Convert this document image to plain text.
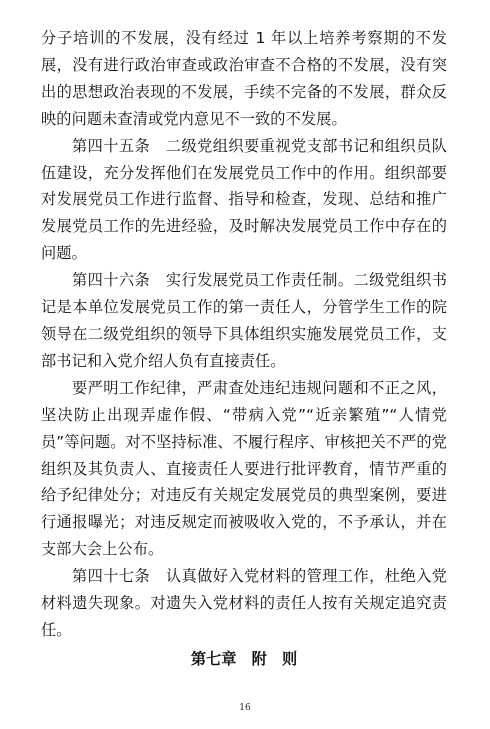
分子培训的不发展，没有经过 1 年以上培养考察期的不发展，没有进行政治审查或政治审查不合格的不发展，没有突出的思想政治表现的不发展，手续不完备的不发展，群众反映的问题未查清或党内意见不一致的不发展。

第四十五条　 二级党组织要重视党支部书记和组织员队伍建设，充分发挥他们在发展党员工作中的作用。组织部要对发展党员工作进行监督、指导和检查，发现、总结和推广发展党员工作的先进经验，及时解决发展党员工作中存在的问题。

第四十六条　 实行发展党员工作责任制。二级党组织书记是本单位发展党员工作的第一责任人，分管学生工作的院领导在二级党组织的领导下具体组织实施发展党员工作，支部书记和入党介绍人负有直接责任。

要严明工作纪律，严肃查处违纪违规问题和不正之风，坚决防止出现弄虚作假、“带病入党”“近亲繁殖”“人情党员”等问题。对不坚持标准、不履行程序、审核把关不严的党组织及其负责人、直接责任人要进行批评教育，情节严重的给予纪律处分；对违反有关规定发展党员的典型案例，要进行通报曝光；对违反规定而被吸收入党的，不予承认，并在支部大会上公布。

第四十七条　 认真做好入党材料的管理工作，杜绝入党材料遗失现象。对遗失入党材料的责任人按有关规定追究责任。

第七章　附　则

16
